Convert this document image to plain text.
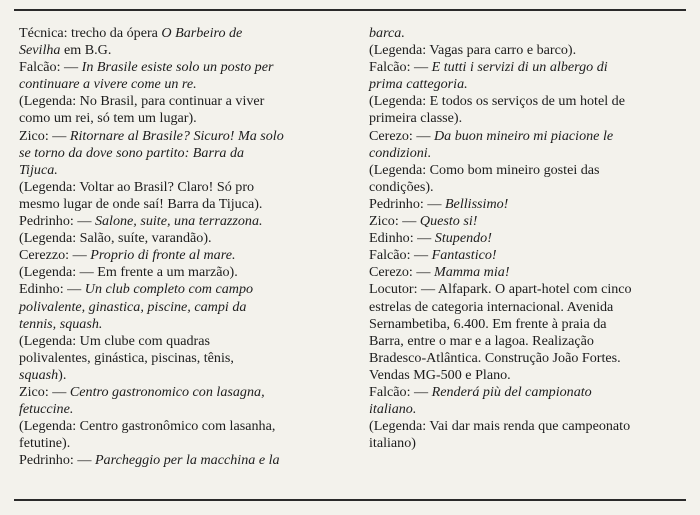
Técnica: trecho da ópera O Barbeiro de
Sevilha em B.G.
Falcão: — In Brasile esiste solo un posto per
continuare a vivere come un re.
(Legenda: No Brasil, para continuar a viver
como um rei, só tem um lugar).
Zico: — Ritornare al Brasile? Sicuro! Ma solo
se torno da dove sono partito: Barra da
Tijuca.
(Legenda: Voltar ao Brasil? Claro! Só pro
mesmo lugar de onde saí! Barra da Tijuca).
Pedrinho: — Salone, suite, una terrazzona.
(Legenda: Salão, suíte, varandão).
Cerezzo: — Proprio di fronte al mare.
(Legenda: — Em frente a um marzão).
Edinho: — Un club completo com campo
polivalente, ginastica, piscine, campi da
tennis, squash.
(Legenda: Um clube com quadras
polivalentes, ginástica, piscinas, tênis,
squash).
Zico: — Centro gastronomico con lasagna,
fetuccine.
(Legenda: Centro gastronômico com lasanha,
fetutine).
Pedrinho: — Parcheggio per la macchina e la
barca.
(Legenda: Vagas para carro e barco).
Falcão: — E tutti i servizi di un albergo di
prima cattegoria.
(Legenda: E todos os serviços de um hotel de
primeira classe).
Cerezo: — Da buon mineiro mi piacione le
condizioni.
(Legenda: Como bom mineiro gostei das
condições).
Pedrinho: — Bellissimo!
Zico: — Questo si!
Edinho: — Stupendo!
Falcão: — Fantastico!
Cerezo: — Mamma mia!
Locutor: — Alfapark. O apart-hotel com cinco
estrelas de categoria internacional. Avenida
Sernambetiba, 6.400. Em frente à praia da
Barra, entre o mar e a lagoa. Realização
Bradesco-Atlântica. Construção João Fortes.
Vendas MG-500 e Plano.
Falcão: — Renderá più del campionato
italiano.
(Legenda: Vai dar mais renda que campeonato
italiano)
